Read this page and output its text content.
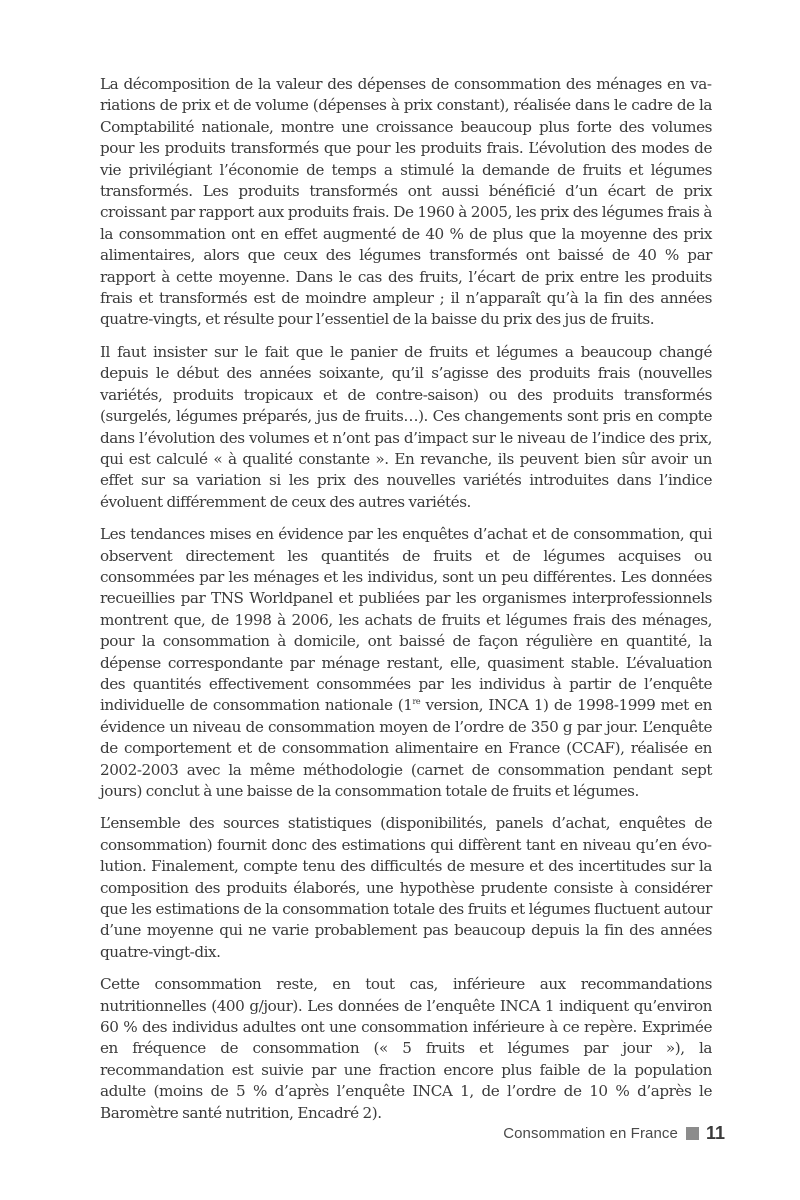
La décomposition de la valeur des dépenses de consommation des ménages en variations de prix et de volume (dépenses à prix constant), réalisée dans le cadre de la Comptabilité nationale, montre une croissance beaucoup plus forte des volumes pour les produits transformés que pour les produits frais. L’évolution des modes de vie privilégiant l’économie de temps a stimulé la demande de fruits et légumes transformés. Les produits transformés ont aussi bénéficié d’un écart de prix croissant par rapport aux produits frais. De 1960 à 2005, les prix des légumes frais à la consommation ont en effet augmenté de 40 % de plus que la moyenne des prix alimentaires, alors que ceux des légumes transformés ont baissé de 40 % par rapport à cette moyenne. Dans le cas des fruits, l’écart de prix entre les produits frais et transformés est de moindre ampleur ; il n’apparaît qu’à la fin des années quatre-vingts, et résulte pour l’essentiel de la baisse du prix des jus de fruits.

Il faut insister sur le fait que le panier de fruits et légumes a beaucoup changé depuis le début des années soixante, qu’il s’agisse des produits frais (nouvelles variétés, produits tropicaux et de contre-saison) ou des produits transformés (surgelés, légumes préparés, jus de fruits…). Ces changements sont pris en compte dans l’évolution des volumes et n’ont pas d’impact sur le niveau de l’indice des prix, qui est calculé « à qualité constante ». En revanche, ils peuvent bien sûr avoir un effet sur sa variation si les prix des nouvelles variétés introduites dans l’indice évoluent différemment de ceux des autres variétés.

Les tendances mises en évidence par les enquêtes d’achat et de consommation, qui observent directement les quantités de fruits et de légumes acquises ou consommées par les ménages et les individus, sont un peu différentes. Les données recueillies par TNS Worldpanel et publiées par les organismes interprofessionnels montrent que, de 1998 à 2006, les achats de fruits et légumes frais des ménages, pour la consommation à domicile, ont baissé de façon régulière en quantité, la dépense correspondante par ménage restant, elle, quasiment stable. L’évaluation des quantités effectivement consommées par les individus à partir de l’enquête individuelle de consommation nationale (1re version, INCA 1) de 1998-1999 met en évidence un niveau de consommation moyen de l’ordre de 350 g par jour. L’enquête de comportement et de consommation alimentaire en France (CCAF), réalisée en 2002-2003 avec la même méthodologie (carnet de consommation pendant sept jours) conclut à une baisse de la consommation totale de fruits et légumes.

L’ensemble des sources statistiques (disponibilités, panels d’achat, enquêtes de consommation) fournit donc des estimations qui diffèrent tant en niveau qu’en évolution. Finalement, compte tenu des difficultés de mesure et des incertitudes sur la composition des produits élaborés, une hypothèse prudente consiste à considérer que les estimations de la consommation totale des fruits et légumes fluctuent autour d’une moyenne qui ne varie probablement pas beaucoup depuis la fin des années quatre-vingt-dix.

Cette consommation reste, en tout cas, inférieure aux recommandations nutritionnelles (400 g/jour). Les données de l’enquête INCA 1 indiquent qu’environ 60 % des individus adultes ont une consommation inférieure à ce repère. Exprimée en fréquence de consommation (« 5 fruits et légumes par jour »), la recommandation est suivie par une fraction encore plus faible de la population adulte (moins de 5 % d’après l’enquête INCA 1, de l’ordre de 10 % d’après le Baromètre santé nutrition, Encadré 2).

Consommation en France 11
